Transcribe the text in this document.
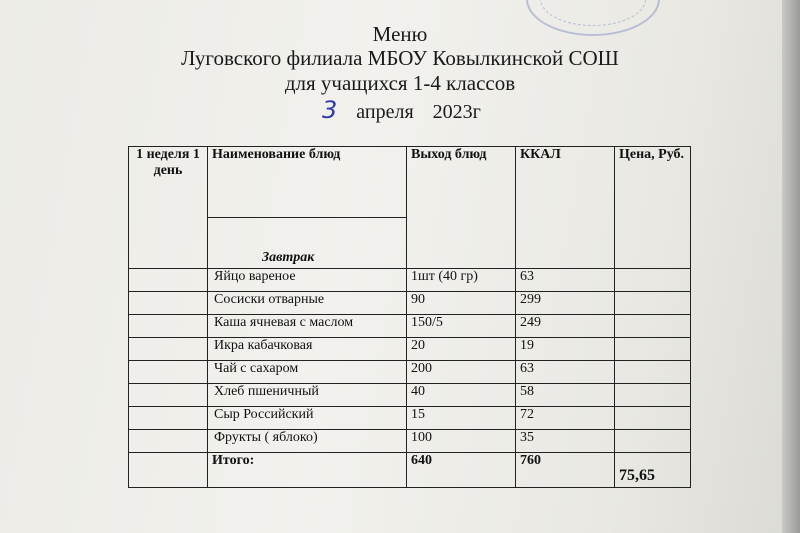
Меню
Луговского филиала МБОУ Ковылкинской СОШ
для учащихся 1-4 классов
3 апреля 2023г
1 неделя 1 день	Наименование блюд	Выход блюд	ККАЛ	Цена, Руб.
	Завтрак			
	Яйцо вареное	1шт (40 гр)	63	
	Сосиски отварные	90	299	
	Каша ячневая с маслом	150/5	249	
	Икра кабачковая	20	19	
	Чай с сахаром	200	63	
	Хлеб пшеничный	40	58	
	Сыр Российский	15	72	
	Фрукты ( яблоко)	100	35	
	Итого:	640	760	75,65
